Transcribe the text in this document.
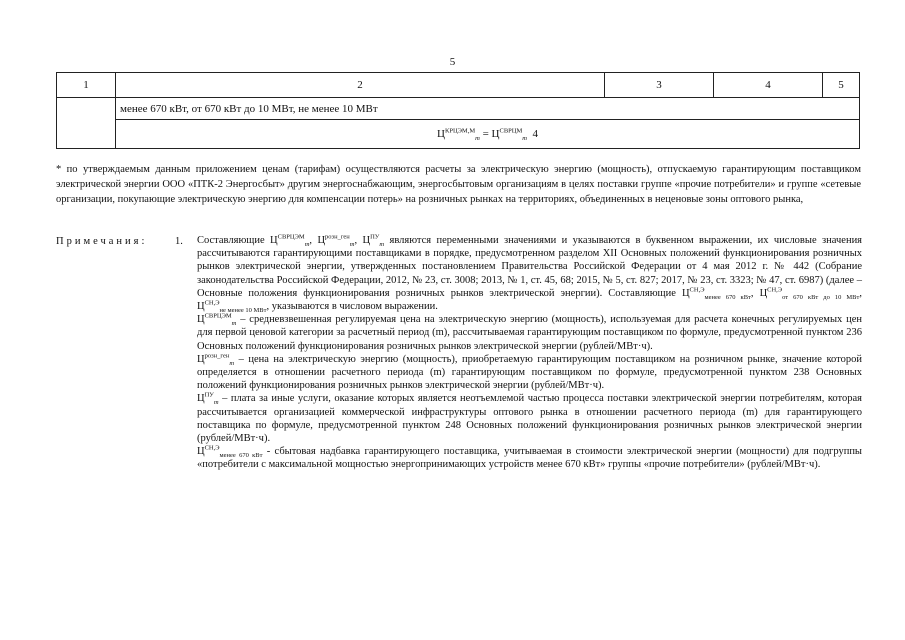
5
1	2	3	4	5
	менее 670 кВт, от 670 кВт до 10 МВт, не менее 10 МВт			
	$Ц^{КРЦЭМ,М}_m = Ц^{СВРЦМ}_m$ 4			
* по утверждаемым данным приложением ценам (тарифам) осуществляются расчеты за электрическую энергию (мощность), отпускаемую гарантирующим поставщиком электрической энергии ООО «ПТК-2 Энергосбыт» другим энергоснабжающим, энергосбытовым организациям в целях поставки группе «прочие потребители» и группе «сетевые организации, покупающие электрическую энергию для компенсации потерь» на розничных рынках на территориях, объединенных в неценовые зоны оптового рынка,
Примечания:	1. Составляющие $Ц^{СВРЦЭМ}_m$, $Ц^{розн\_ген}_m$, $Ц^{ПУ}_m$ являются переменными значениями и указываются в буквенном выражении, их числовые значения рассчитываются гарантирующими поставщиками в порядке, предусмотренном разделом XII Основных положений функционирования розничных рынков электрической энергии, утвержденных постановлением Правительства Российской Федерации от 4 мая 2012 г. № 442 (Собрание законодательства Российской Федерации, 2012, № 23, ст. 3008; 2013, № 1, ст. 45, 68; 2015, № 5, ст. 827; 2017, № 23, ст. 3323; № 47, ст. 6987) (далее – Основные положения функционирования розничных рынков электрической энергии). Составляющие $Ц^{СН,Э}_{менее 670 кВт}$, $Ц^{СН,Э}_{от 670 кВт до 10 МВт}$, $Ц^{СН,Э}_{не менее 10 МВт}$, указываются в числовом выражении.

$Ц^{СВРЦЭМ}_m$ – средневзвешенная регулируемая цена на электрическую энергию (мощность), используемая для расчета конечных регулируемых цен для первой ценовой категории за расчетный период (m), рассчитываемая гарантирующим поставщиком по формуле, предусмотренной пунктом 236 Основных положений функционирования розничных рынков электрической энергии (рублей/МВт·ч).

$Ц^{розн\_ген}_m$ – цена на электрическую энергию (мощность), приобретаемую гарантирующим поставщиком на розничном рынке, значение которой определяется в отношении расчетного периода (m) гарантирующим поставщиком по формуле, предусмотренной пунктом 238 Основных положений функционирования розничных рынков электрической энергии (рублей/МВт·ч).

$Ц^{ПУ}_m$ – плата за иные услуги, оказание которых является неотъемлемой частью процесса поставки электрической энергии потребителям, которая рассчитывается организацией коммерческой инфраструктуры оптового рынка в отношении расчетного периода (m) для гарантирующего поставщика по формуле, предусмотренной пунктом 248 Основных положений функционирования розничных рынков электрической энергии (рублей/МВт·ч).

$Ц^{СН,Э}_{менее 670 кВт}$ - сбытовая надбавка гарантирующего поставщика, учитываемая в стоимости электрической энергии (мощности) для подгруппы «потребители с максимальной мощностью энергопринимающих устройств менее 670 кВт» группы «прочие потребители» (рублей/МВт·ч).
